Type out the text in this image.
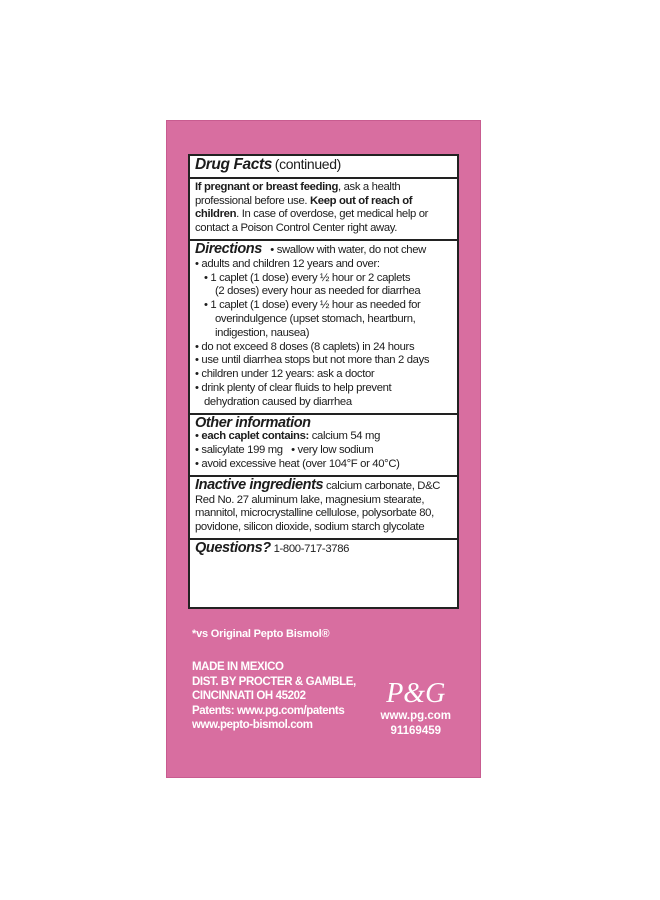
Drug Facts (continued)
If pregnant or breast feeding, ask a health
professional before use. Keep out of reach of
children. In case of overdose, get medical help or
contact a Poison Control Center right away.
Directions • swallow with water, do not chew
• adults and children 12 years and over:
• 1 caplet (1 dose) every ½ hour or 2 caplets
(2 doses) every hour as needed for diarrhea
• 1 caplet (1 dose) every ½ hour as needed for
overindulgence (upset stomach, heartburn,
indigestion, nausea)
• do not exceed 8 doses (8 caplets) in 24 hours
• use until diarrhea stops but not more than 2 days
• children under 12 years: ask a doctor
• drink plenty of clear fluids to help prevent
dehydration caused by diarrhea
Other information
• each caplet contains: calcium 54 mg
• salicylate 199 mg • very low sodium
• avoid excessive heat (over 104°F or 40°C)
Inactive ingredients calcium carbonate, D&C
Red No. 27 aluminum lake, magnesium stearate,
mannitol, microcrystalline cellulose, polysorbate 80,
povidone, silicon dioxide, sodium starch glycolate
Questions? 1-800-717-3786
*vs Original Pepto Bismol®
MADE IN MEXICO
DIST. BY PROCTER & GAMBLE,
CINCINNATI OH 45202
Patents: www.pg.com/patents
www.pepto-bismol.com
P&G
www.pg.com
91169459
